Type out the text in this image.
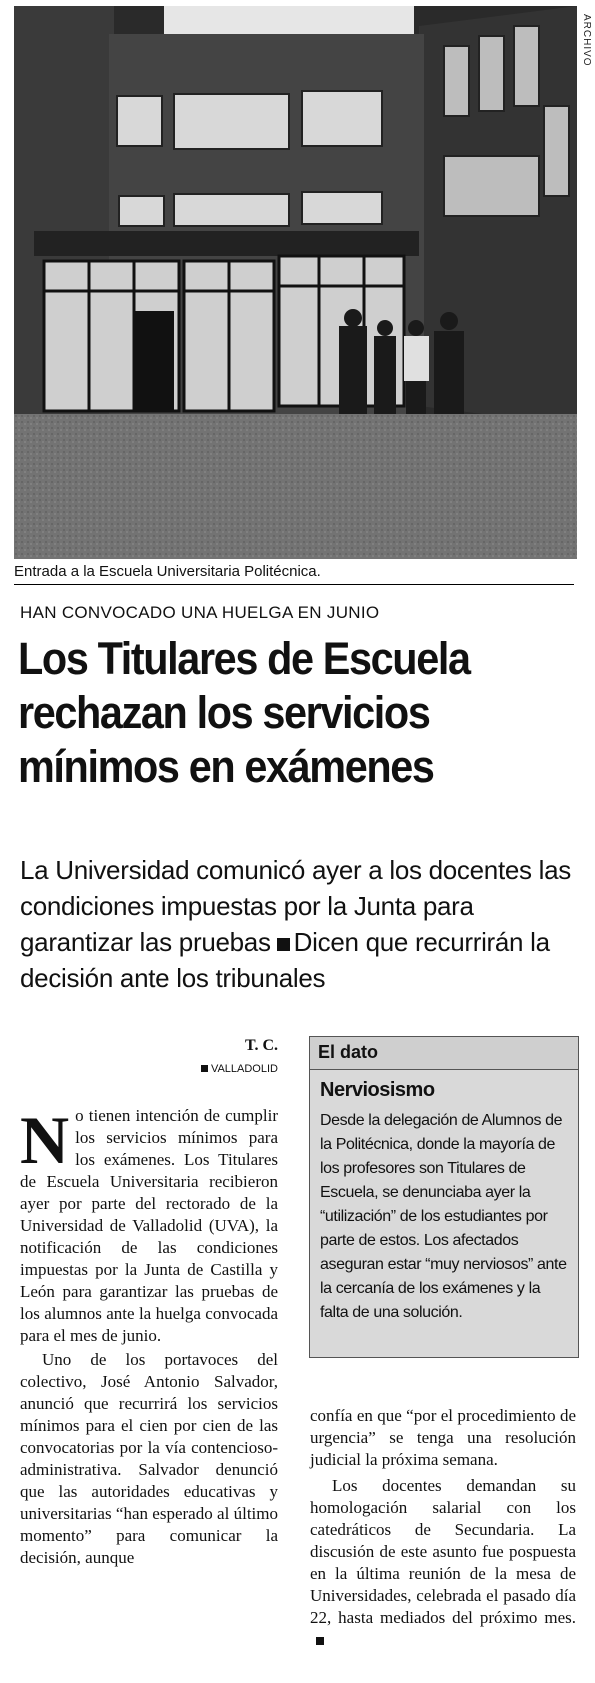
ARCHIVO
Entrada a la Escuela Universitaria Politécnica.
HAN CONVOCADO UNA HUELGA EN JUNIO
Los Titulares de Escuela rechazan los servicios mínimos en exámenes
La Universidad comunicó ayer a los docentes las condiciones impuestas por la Junta para garantizar las pruebas Dicen que recurrirán la decisión ante los tribunales
T. C.
VALLADOLID

No tienen intención de cumplir los servicios mínimos para los exámenes. Los Titulares de Escuela Universitaria recibieron ayer por parte del rectorado de la Universidad de Valladolid (UVA), la notificación de las condiciones impuestas por la Junta de Castilla y León para garantizar las pruebas de los alumnos ante la huelga convocada para el mes de junio.

Uno de los portavoces del colectivo, José Antonio Salvador, anunció que recurrirá los servicios mínimos para el cien por cien de las convocatorias por la vía contencioso-administrativa. Salvador denunció que las autoridades educativas y universitarias “han esperado al último momento” para comunicar la decisión, aunque

El dato
Nerviosismo
Desde la delegación de Alumnos de la Politécnica, donde la mayoría de los profesores son Titulares de Escuela, se denunciaba ayer la “utilización” de los estudiantes por parte de estos. Los afectados aseguran estar “muy nerviosos” ante la cercanía de los exámenes y la falta de una solución.

confía en que “por el procedimiento de urgencia” se tenga una resolución judicial la próxima semana.

Los docentes demandan su homologación salarial con los catedráticos de Secundaria. La discusión de este asunto fue pospuesta en la última reunión de la mesa de Universidades, celebrada el pasado día 22, hasta mediados del próximo mes.
